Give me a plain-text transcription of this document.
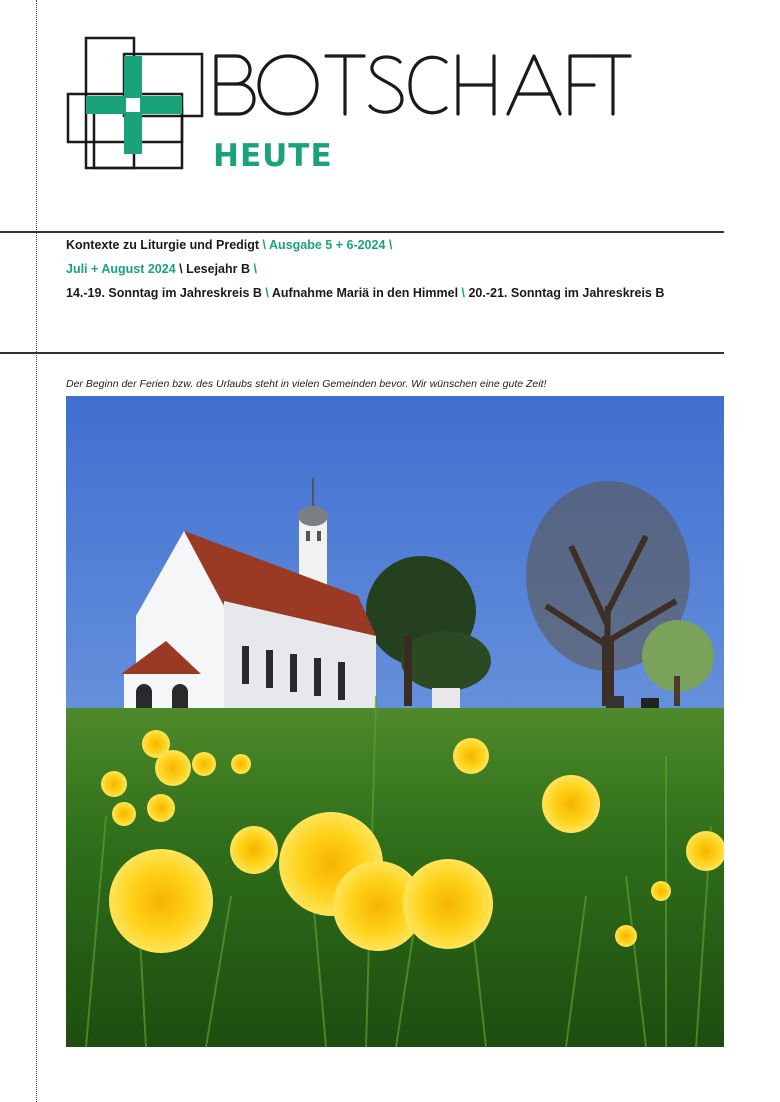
HEUTE

Kontexte zu Liturgie und Predigt \ Ausgabe 5 + 6-2024 \

Juli + August 2024 \ Lesejahr B \

14.-19. Sonntag im Jahreskreis B \ Aufnahme Mariä in den Himmel \ 20.-21. Sonntag im Jahreskreis B

Der Beginn der Ferien bzw. des Urlaubs steht in vielen Gemeinden bevor. Wir wünschen eine gute Zeit!
